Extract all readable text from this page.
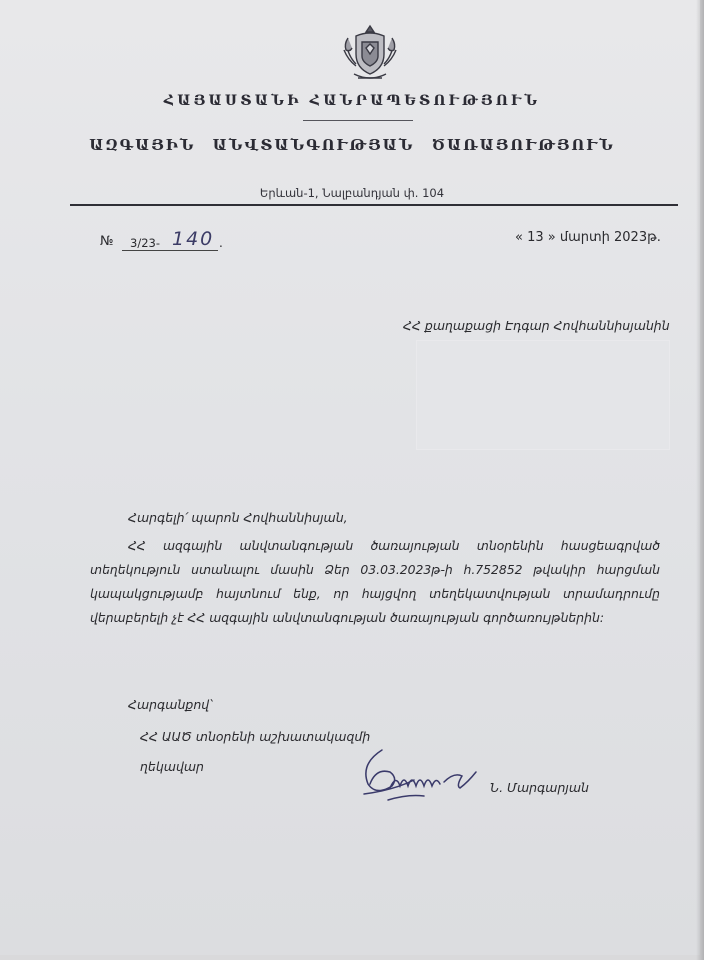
ՀԱՅԱՍՏԱՆԻ ՀԱՆՐԱՊԵՏՈՒԹՅՈՒՆ
ԱԶԳԱՅԻՆ ԱՆՎՏԱՆԳՈՒԹՅԱՆ ԾԱՌԱՅՈՒԹՅՈՒՆ
Երևան-1, Նալբանդյան փ. 104
№ 3/23- 140 .	« 13 » մարտի 2023թ.
ՀՀ քաղաքացի Էդգար Հովհաննիսյանին
Հարգելի՛ պարոն Հովհաննիսյան,
ՀՀ ազգային անվտանգության ծառայության տնօրենին հասցեագրված տեղեկություն ստանալու մասին Ձեր 03.03.2023թ-ի հ.752852 թվակիր հարցման կապակցությամբ հայտնում ենք, որ հայցվող տեղեկատվության տրամադրումը վերաբերելի չէ ՀՀ ազգային անվտանգության ծառայության գործառույթներին:
Հարգանքով՝
ՀՀ ԱԱԾ տնօրենի աշխատակազմի
ղեկավար
Ն. Մարգարյան
